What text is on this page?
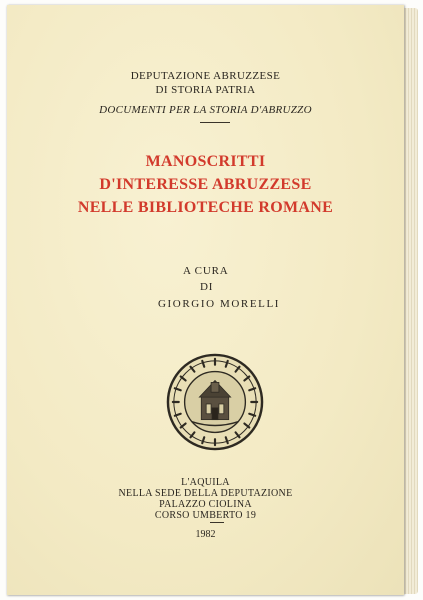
DEPUTAZIONE ABRUZZESE
DI STORIA PATRIA
DOCUMENTI PER LA STORIA D'ABRUZZO
MANOSCRITTI
D'INTERESSE ABRUZZESE
NELLE BIBLIOTECHE ROMANE
A CURA
DI
GIORGIO MORELLI
L'AQUILA
NELLA SEDE DELLA DEPUTAZIONE
PALAZZO CIOLINA
CORSO UMBERTO 19
1982
